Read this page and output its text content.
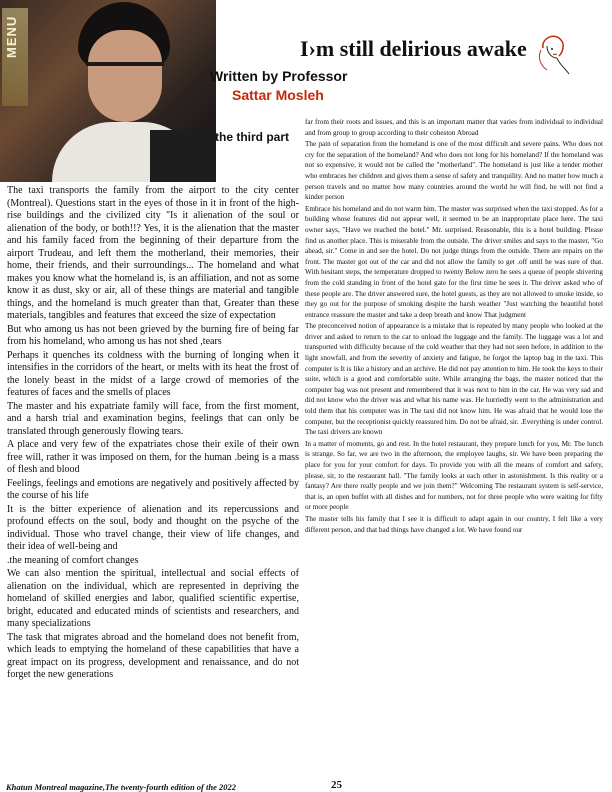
MENU	I›m still delirious awake
Written by Professor
Sattar Mosleh
the third part

The taxi transports the family from the airport to the city center (Montreal). Questions start in the eyes of those in it in front of the high-rise buildings and the civilized city "Is it alienation of the soul or alienation of the body, or both!!? Yes, it is the alienation that the master and his family faced from the beginning of their departure from the airport Trudeau, and left them the motherland, their memories, their home, their friends, and their surroundings... The homeland and what makes you know what the homeland is, is an affiliation, and not as some know it as dust, sky or air, all of these things are material and tangible things, and the homeland is much greater than that, Greater than these materials, tangibles and features that exceed the size of expectation

But who among us has not been grieved by the burning fire of being far from his homeland, who among us has not shed ,tears

Perhaps it quenches its coldness with the burning of longing when it intensifies in the corridors of the heart, or melts with its heat the frost of the lonely beast in the midst of a large crowd of memories of the features of faces and the smells of places

The master and his expatriate family will face, from the first moment, and a harsh trial and examination begins, feelings that can only be translated through generously flowing tears.

A place and very few of the expatriates chose their exile of their own free will, rather it was imposed on them, for the human .being is a mass of flesh and blood

Feelings, feelings and emotions are negatively and positively affected by the course of his life

It is the bitter experience of alienation and its repercussions and profound effects on the soul, body and thought on the psyche of the individual. Those who travel change, their view of life changes, and their idea of well-being and

.the meaning of comfort changes

We can also mention the spiritual, intellectual and social effects of alienation on the individual, which are represented in depriving the homeland of skilled energies and labor, qualified scientific expertise, bright, educated and educated minds of scientists and researchers, and many specializations

The task that migrates abroad and the homeland does not benefit from, which leads to emptying the homeland of these capabilities that have a great impact on its progress, development and renaissance, and do not forget the new generations

far from their roots and issues, and this is an important matter that varies from individual to individual and from group to group according to their coheston Abroad

The pain of separation from the homeland is one of the most difficult and severe pains. Who does not cry for the separation of the homeland? And who does not long for his homeland? If the homeland was not so expensive, it would not be called the "motherland". The homeland is just like a tender mother who embraces her children and gives them a sense of safety and tranquility. And no matter how much a person travels and no matter how many countries around the world he will find, he will not find a kinder person

Embrace his homeland and do not warm him. The master was surprised when the taxi stopped. As for a building whose features did not appear well, it seemed to be an inappropriate place here. The taxi owner says, "Have we reached the hotel." Mr. surprised. Reasonable, this is a hotel building. Please find us another place. This is miserable from the outside. The driver smiles and says to the master, "Go ahead, sir." Come in and see the hotel. Do not judge things from the outside. There are repairs on the front. The master got out of the car and did not allow the family to get .off until he was sure of that. With hesitant steps, the temperature dropped to twenty Below zero he sees a queue of people shivering from the cold standing in front of the hotel gate for the first time he sees it. The driver asked who of these people are. The driver answered sure, the hotel guests, as they are not allowed to smoke inside, so they go out for the purpose of smoking despite the harsh weather "Just watching the beautiful hotel entrance reassure the master and take a deep breath and know That judgment

The preconceived notion of appearance is a mistake that is repeated by many people who looked at the driver and asked to return to the car to unload the luggage and the family. The luggage was a lot and transported with difficulty because of the cold weather that they had not seen before, in addition to the light snowfall, and from the severity of anxiety and fatigue, he forgot the laptop bag in the taxi. This computer is It is like a history and an archive. He did not pay attention to him. He took the keys to their suite, which is a good and comfortable suite. While arranging the bags, the master noticed that the computer bag was not present and remembered that it was next to him in the car. He was very sad and did not know who the driver was and what his name was. He hurriedly went to the administration and told them that his computer was in The taxi did not know him. He was afraid that he would lose the computer, but the receptionist quickly reassured him. Do not be afraid, sir. .Everything is under control. The taxi drivers are known

In a matter of moments, go and rest. In the hotel restaurant, they prepare lunch for you, Mr. The lunch is strange. So far, we are two in the afternoon, the employee laughs, sir. We have been preparing the place for you for your comfort for days. To provide you with all the means of comfort and safety, please, sir, to the restaurant hall. "The family looks at each other in astonishment. Is this reality or a fantasy? Are there really people and we join them?" Welcoming The restaurant system is self-service, that is, an open buffet with all dishes and for numbers, not for three people who were waiting for fifty or more people

The master tells his family that I see it is difficult to adapt again in our country, I felt like a very different person, and that bad things have changed a lot. We have found our

Khatun Montreal magazine,The twenty-fourth edition of the 2022	25
